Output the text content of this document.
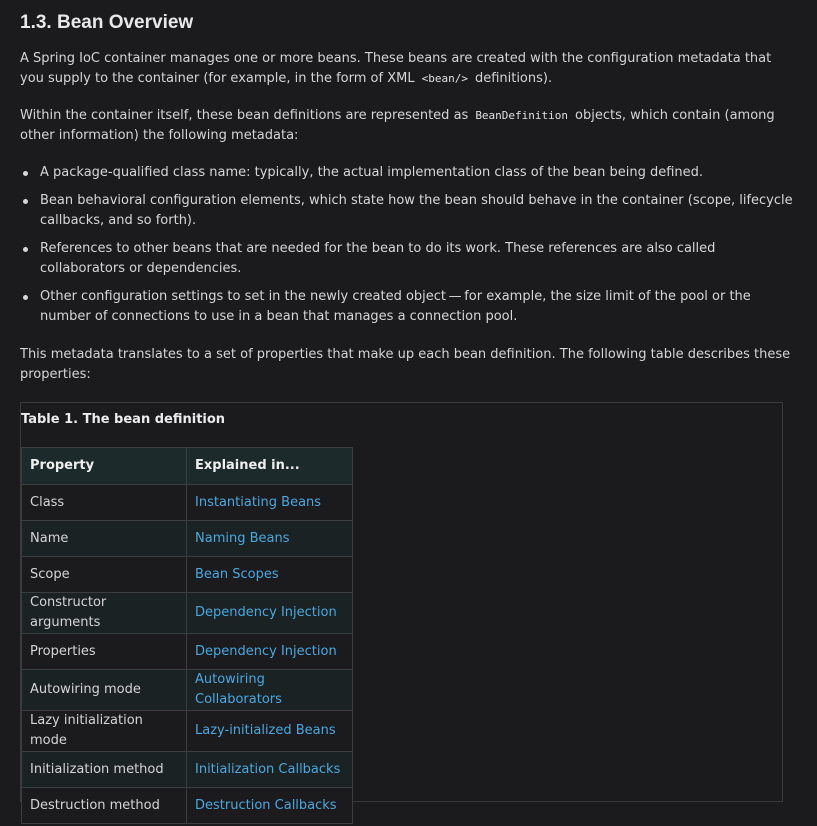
1.3. Bean Overview

A Spring IoC container manages one or more beans. These beans are created with the configuration metadata that you supply to the container (for example, in the form of XML <bean/> definitions).

Within the container itself, these bean definitions are represented as BeanDefinition objects, which contain (among other information) the following metadata:

A package-qualified class name: typically, the actual implementation class of the bean being defined.
Bean behavioral configuration elements, which state how the bean should behave in the container (scope, lifecycle callbacks, and so forth).
References to other beans that are needed for the bean to do its work. These references are also called collaborators or dependencies.
Other configuration settings to set in the newly created object — for example, the size limit of the pool or the number of connections to use in a bean that manages a connection pool.

This metadata translates to a set of properties that make up each bean definition. The following table describes these properties:

Table 1. The bean definition
Property	Explained in...
Class	Instantiating Beans
Name	Naming Beans
Scope	Bean Scopes
Constructor arguments	Dependency Injection
Properties	Dependency Injection
Autowiring mode	Autowiring Collaborators
Lazy initialization mode	Lazy-initialized Beans
Initialization method	Initialization Callbacks
Destruction method	Destruction Callbacks
